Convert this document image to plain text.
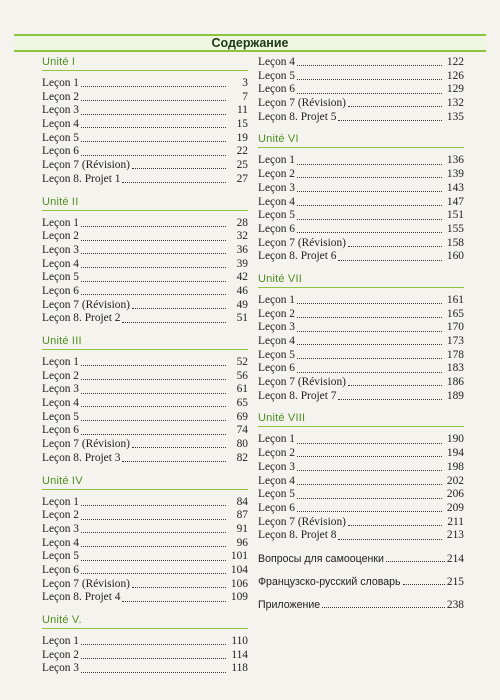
Содержание
Unité I
Leçon 1	3
Leçon 2	7
Leçon 3	11
Leçon 4	15
Leçon 5	19
Leçon 6	22
Leçon 7 (Révision)	25
Leçon 8. Projet 1	27
Unité II
Leçon 1	28
Leçon 2	32
Leçon 3	36
Leçon 4	39
Leçon 5	42
Leçon 6	46
Leçon 7 (Révision)	49
Leçon 8. Projet 2	51
Unité III
Leçon 1	52
Leçon 2	56
Leçon 3	61
Leçon 4	65
Leçon 5	69
Leçon 6	74
Leçon 7 (Révision)	80
Leçon 8. Projet 3	82
Unité IV
Leçon 1	84
Leçon 2	87
Leçon 3	91
Leçon 4	96
Leçon 5	101
Leçon 6	104
Leçon 7 (Révision)	106
Leçon 8. Projet 4	109
Unité V.
Leçon 1	110
Leçon 2	114
Leçon 3	118
Leçon 4	122
Leçon 5	126
Leçon 6	129
Leçon 7 (Révision)	132
Leçon 8. Projet 5	135
Unité VI
Leçon 1	136
Leçon 2	139
Leçon 3	143
Leçon 4	147
Leçon 5	151
Leçon 6	155
Leçon 7 (Révision)	158
Leçon 8. Projet 6	160
Unité VII
Leçon 1	161
Leçon 2	165
Leçon 3	170
Leçon 4	173
Leçon 5	178
Leçon 6	183
Leçon 7 (Révision)	186
Leçon 8. Projet 7	189
Unité VIII
Leçon 1	190
Leçon 2	194
Leçon 3	198
Leçon 4	202
Leçon 5	206
Leçon 6	209
Leçon 7 (Révision)	211
Leçon 8. Projet 8	213
Вопросы для самооценки	214
Французско-русский словарь	215
Приложение	238
